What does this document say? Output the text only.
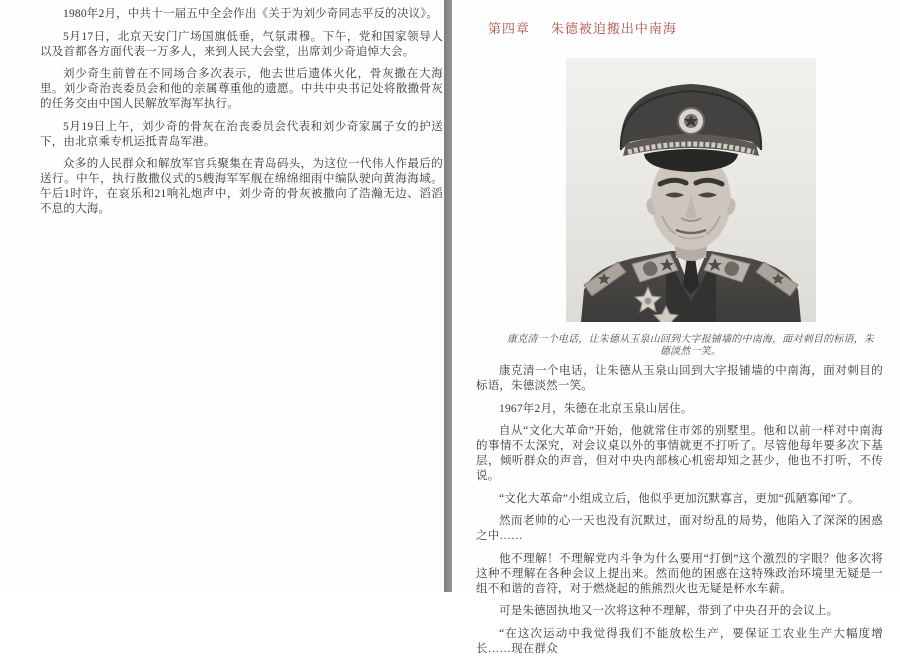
1980年2月，中共十一届五中全会作出《关于为刘少奇同志平反的决议》。

5月17日，北京天安门广场国旗低垂，气氛肃穆。下午，党和国家领导人以及首都各方面代表一万多人，来到人民大会堂，出席刘少奇追悼大会。

刘少奇生前曾在不同场合多次表示，他去世后遗体火化，骨灰撒在大海里。刘少奇治丧委员会和他的亲属尊重他的遗愿。中共中央书记处将散撒骨灰的任务交由中国人民解放军海军执行。

5月19日上午，刘少奇的骨灰在治丧委员会代表和刘少奇家属子女的护送下，由北京乘专机运抵青岛军港。

众多的人民群众和解放军官兵聚集在青岛码头，为这位一代伟人作最后的送行。中午，执行散撒仪式的5艘海军军舰在绵绵细雨中编队驶向黄海海域。午后1时许，在哀乐和21响礼炮声中，刘少奇的骨灰被撒向了浩瀚无边、滔滔不息的大海。

第四章 朱德被迫搬出中南海
康克清一个电话，让朱德从玉泉山回到大字报铺墙的中南海，面对刺目的标语，朱德淡然一笑。

康克清一个电话，让朱德从玉泉山回到大字报铺墙的中南海，面对刺目的标语，朱德淡然一笑。

1967年2月，朱德在北京玉泉山居住。

自从“文化大革命”开始，他就常住市郊的别墅里。他和以前一样对中南海的事情不太深究，对会议桌以外的事情就更不打听了。尽管他每年要多次下基层，倾听群众的声音，但对中央内部核心机密却知之甚少，他也不打听，不传说。

“文化大革命”小组成立后，他似乎更加沉默寡言，更加“孤陋寡闻”了。

然而老帅的心一天也没有沉默过，面对纷乱的局势，他陷入了深深的困惑之中……

他不理解！不理解党内斗争为什么要用“打倒”这个激烈的字眼？他多次将这种不理解在各种会议上提出来。然而他的困惑在这特殊政治环境里无疑是一组不和谐的音符，对于燃烧起的熊熊烈火也无疑是杯水车薪。

可是朱德固执地又一次将这种不理解，带到了中央召开的会议上。

“在这次运动中我觉得我们不能放松生产，要保证工农业生产大幅度增长……现在群众
